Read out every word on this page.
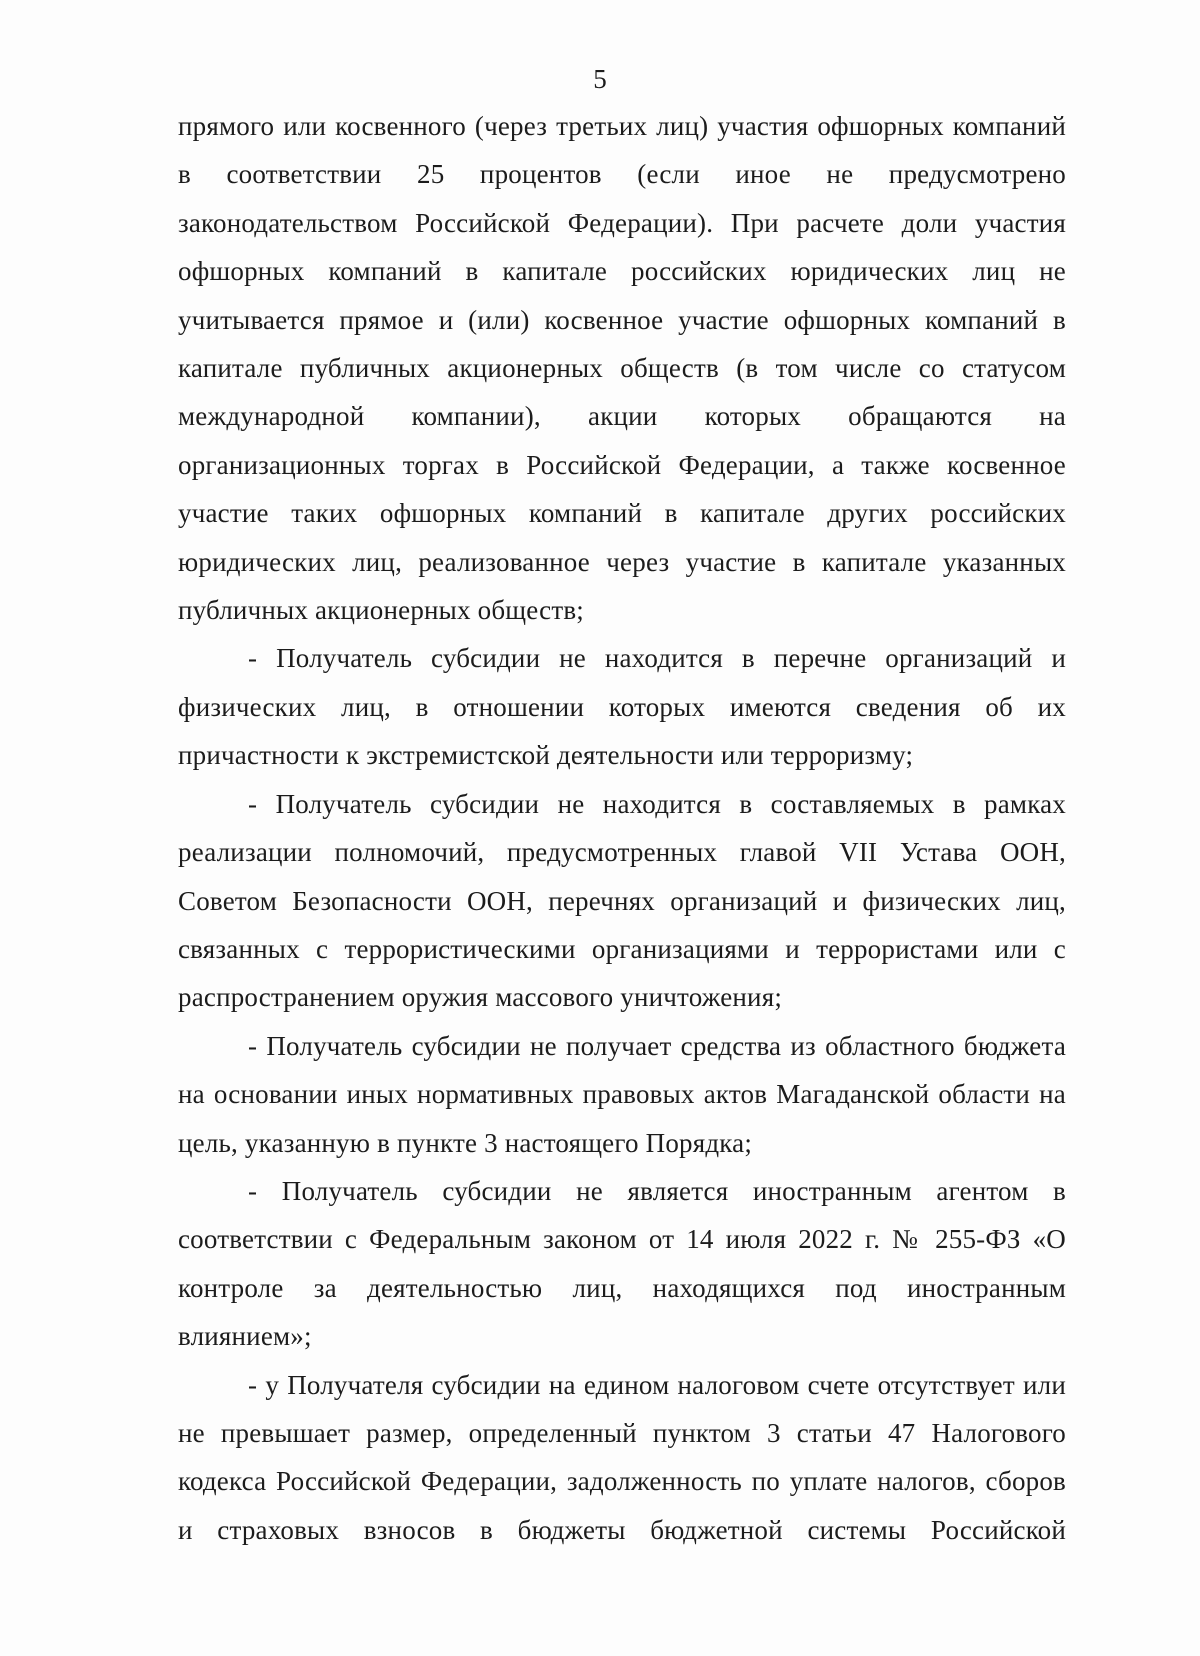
5

прямого или косвенного (через третьих лиц) участия офшорных компаний в соответствии 25 процентов (если иное не предусмотрено законодательством Российской Федерации). При расчете доли участия офшорных компаний в капитале российских юридических лиц не учитывается прямое и (или) косвенное участие офшорных компаний в капитале публичных акционерных обществ (в том числе со статусом международной компании), акции которых обращаются на организационных торгах в Российской Федерации, а также косвенное участие таких офшорных компаний в капитале других российских юридических лиц, реализованное через участие в капитале указанных публичных акционерных обществ;

- Получатель субсидии не находится в перечне организаций и физических лиц, в отношении которых имеются сведения об их причастности к экстремистской деятельности или терроризму;

- Получатель субсидии не находится в составляемых в рамках реализации полномочий, предусмотренных главой VII Устава ООН, Советом Безопасности ООН, перечнях организаций и физических лиц, связанных с террористическими организациями и террористами или с распространением оружия массового уничтожения;

- Получатель субсидии не получает средства из областного бюджета на основании иных нормативных правовых актов Магаданской области на цель, указанную в пункте 3 настоящего Порядка;

- Получатель субсидии не является иностранным агентом в соответствии с Федеральным законом от 14 июля 2022 г. № 255-ФЗ «О контроле за деятельностью лиц, находящихся под иностранным влиянием»;

- у Получателя субсидии на едином налоговом счете отсутствует или не превышает размер, определенный пунктом 3 статьи 47 Налогового кодекса Российской Федерации, задолженность по уплате налогов, сборов и страховых взносов в бюджеты бюджетной системы Российской
